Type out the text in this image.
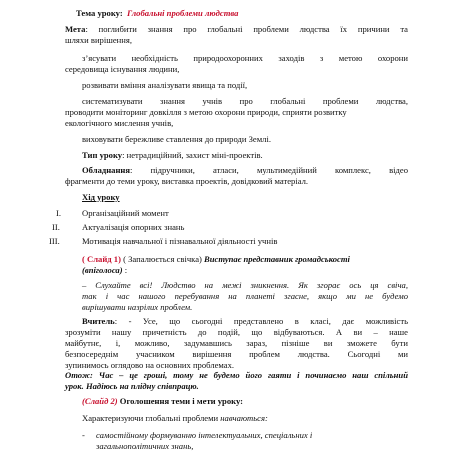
Тема уроку: Глобальні проблеми людства
Мета: поглибити знання про глобальні проблеми людства їх причини та
шляхи вирішення,
з’ясувати необхідність природоохоронних заходів з метою охорони
середовища існування людини,
розвивати вміння аналізувати явища та події,
систематизувати знання учнів про глобальні проблеми людства,
проводити моніторинг довкілля з метою охорони природи, сприяти розвитку
екологічного мислення учнів,
виховувати бережливе ставлення до природи Землі.
Тип уроку: нетрадиційний, захист міні-проектів.
Обладнання: підручники, атласи, мультимедійний комплекс, відео
фрагменти до теми уроку, виставка проектів, довідковий матеріал.
Хід уроку
I. Організаційний момент
II.	Актуалізація опорних знань
III.	Мотивація навчальної і пізнавальної діяльності учнів
( Слайд 1) ( Запалюється свічка) Виступає представник громадськості
(впіголоса) :
– Слухайте всі! Людство на межі зникнення. Як згорає ось ця свіча,
так і час нашого перебування на планеті згасне, якщо ми не будемо
вирішувати назрілих проблем.
Вчитель: - Усе, що сьогодні представлено в класі, дає можливість
зрозуміти нашу причетність до подій, що відбуваються. А ви – наше
майбутнє, і, можливо, задумавшись зараз, пізніше ви зможете бути
безпосереднім учасником вирішення проблем людства. Сьогодні ми
зупинимось оглядово на основних проблемах.
Отож: Час – це гроші, тому не будемо його гаяти і починаємо наш спільний
урок. Надіюсь на плідну співпрацю.
(Слайд 2) Оголошення теми і мети уроку:
Характеризуючи глобальні проблеми навчаються:
- самостійному формуванню інтелектуальних, спеціальних і
загальнополітичних знань,
